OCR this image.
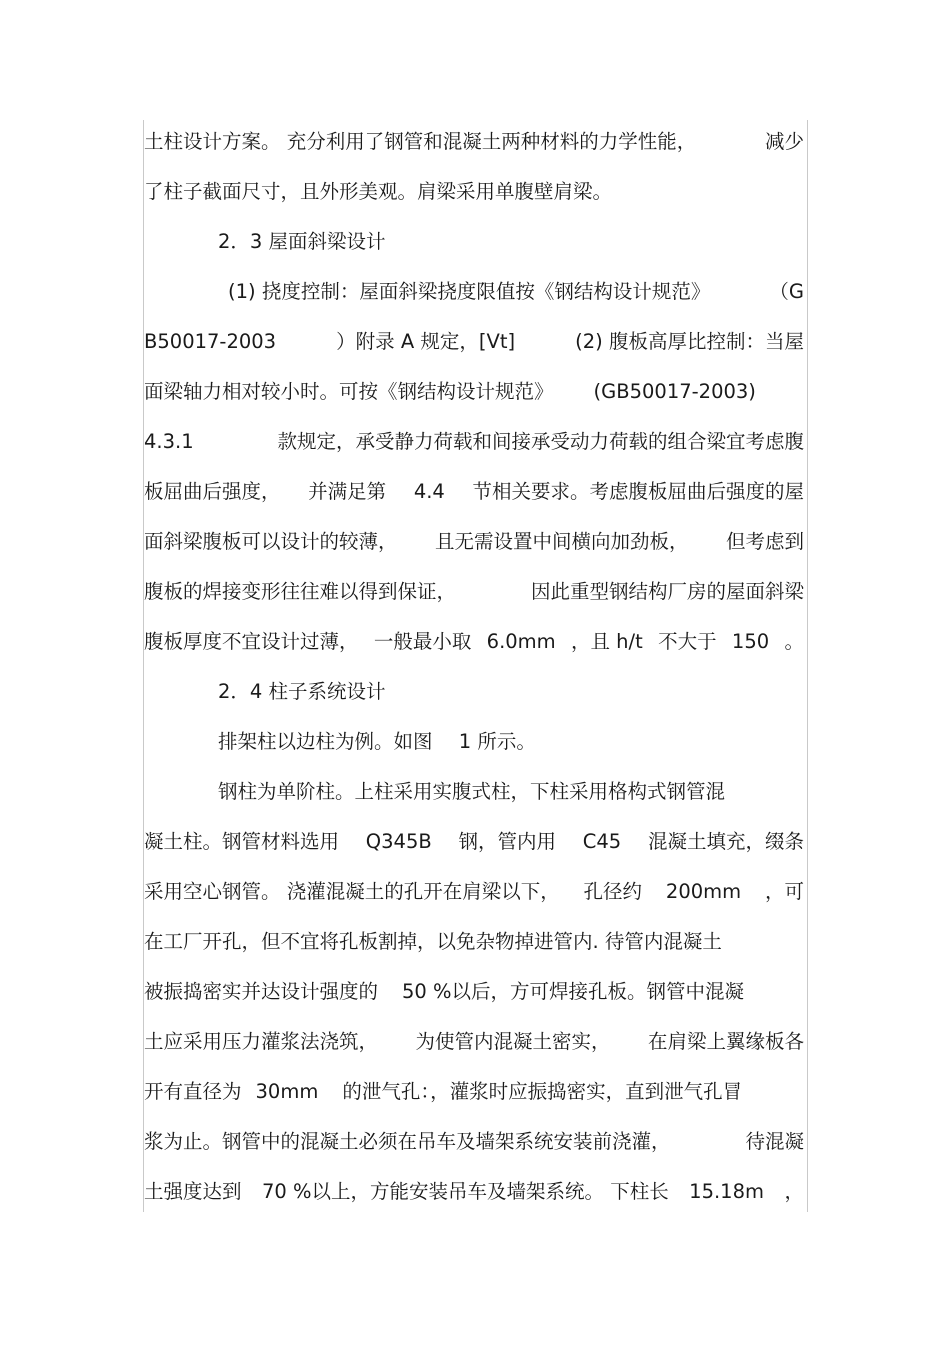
土柱设计方案。 充分利用了钢管和混凝土两种材料的力学性能，	减少
了柱子截面尺寸，且外形美观。肩梁采用单腹壁肩梁。
2．3 屋面斜梁设计
(1) 挠度控制：屋面斜梁挠度限值按《钢结构设计规范》	（G
B50017-2003	）附录 A 规定，[Vt]	(2) 腹板高厚比控制：当屋
面梁轴力相对较小时。可按《钢结构设计规范》 (GB50017-2003)
4.3.1	款规定，承受静力荷载和间接承受动力荷载的组合梁宜考虑腹
板屈曲后强度， 并满足第 4.4 节相关要求。考虑腹板屈曲后强度的屋
面斜梁腹板可以设计的较薄， 且无需设置中间横向加劲板， 但考虑到
腹板的焊接变形往往难以得到保证，	因此重型钢结构厂房的屋面斜梁
腹板厚度不宜设计过薄， 一般最小取 6.0mm ，且 h/t 不大于 150 。
2．4 柱子系统设计
排架柱以边柱为例。如图 1 所示。
钢柱为单阶柱。上柱采用实腹式柱，下柱采用格构式钢管混
凝土柱。钢管材料选用 Q345B 钢，管内用 C45 混凝土填充，缀条
采用空心钢管。 浇灌混凝土的孔开在肩梁以下， 孔径约 200mm ，可
在工厂开孔，但不宜将孔板割掉，以免杂物掉进管内. 待管内混凝土
被振捣密实并达设计强度的 50 %以后，方可焊接孔板。钢管中混凝
土应采用压力灌浆法浇筑， 为使管内混凝土密实， 在肩梁上翼缘板各
开有直径为 30mm 的泄气孔：，灌浆时应振捣密实，直到泄气孔冒
浆为止。钢管中的混凝土必须在吊车及墙架系统安装前浇灌，	待混凝
土强度达到 70 %以上，方能安装吊车及墙架系统。 下柱长 15.18m ，
